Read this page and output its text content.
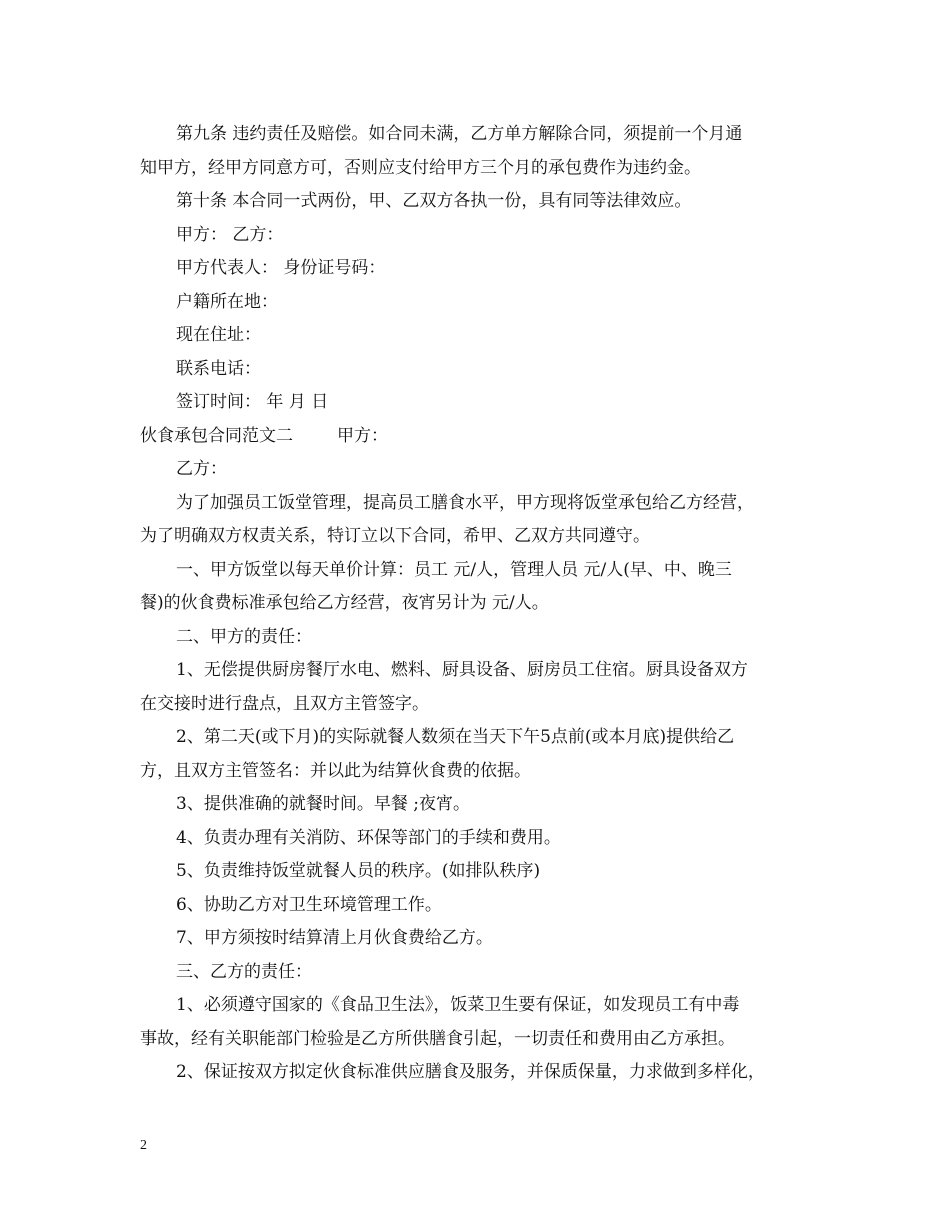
第九条 违约责任及赔偿。如合同未满，乙方单方解除合同，须提前一个月通
知甲方，经甲方同意方可，否则应支付给甲方三个月的承包费作为违约金。
第十条 本合同一式两份，甲、乙双方各执一份，具有同等法律效应。
甲方： 乙方：
甲方代表人： 身份证号码：
户籍所在地：
现在住址：
联系电话：
签订时间： 年 月 日
伙食承包合同范文二	甲方：
乙方：
为了加强员工饭堂管理，提高员工膳食水平，甲方现将饭堂承包给乙方经营，
为了明确双方权责关系，特订立以下合同，希甲、乙双方共同遵守。
一、甲方饭堂以每天单价计算：员工 元/人，管理人员 元/人(早、中、晚三
餐)的伙食费标准承包给乙方经营，夜宵另计为 元/人。
二、甲方的责任：
1、无偿提供厨房餐厅水电、燃料、厨具设备、厨房员工住宿。厨具设备双方
在交接时进行盘点，且双方主管签字。
2、第二天(或下月)的实际就餐人数须在当天下午5点前(或本月底)提供给乙
方，且双方主管签名：并以此为结算伙食费的依据。
3、提供准确的就餐时间。早餐 ;夜宵。
4、负责办理有关消防、环保等部门的手续和费用。
5、负责维持饭堂就餐人员的秩序。(如排队秩序)
6、协助乙方对卫生环境管理工作。
7、甲方须按时结算清上月伙食费给乙方。
三、乙方的责任：
1、必须遵守国家的《食品卫生法》，饭菜卫生要有保证，如发现员工有中毒
事故，经有关职能部门检验是乙方所供膳食引起，一切责任和费用由乙方承担。
2、保证按双方拟定伙食标准供应膳食及服务，并保质保量，力求做到多样化，
2
